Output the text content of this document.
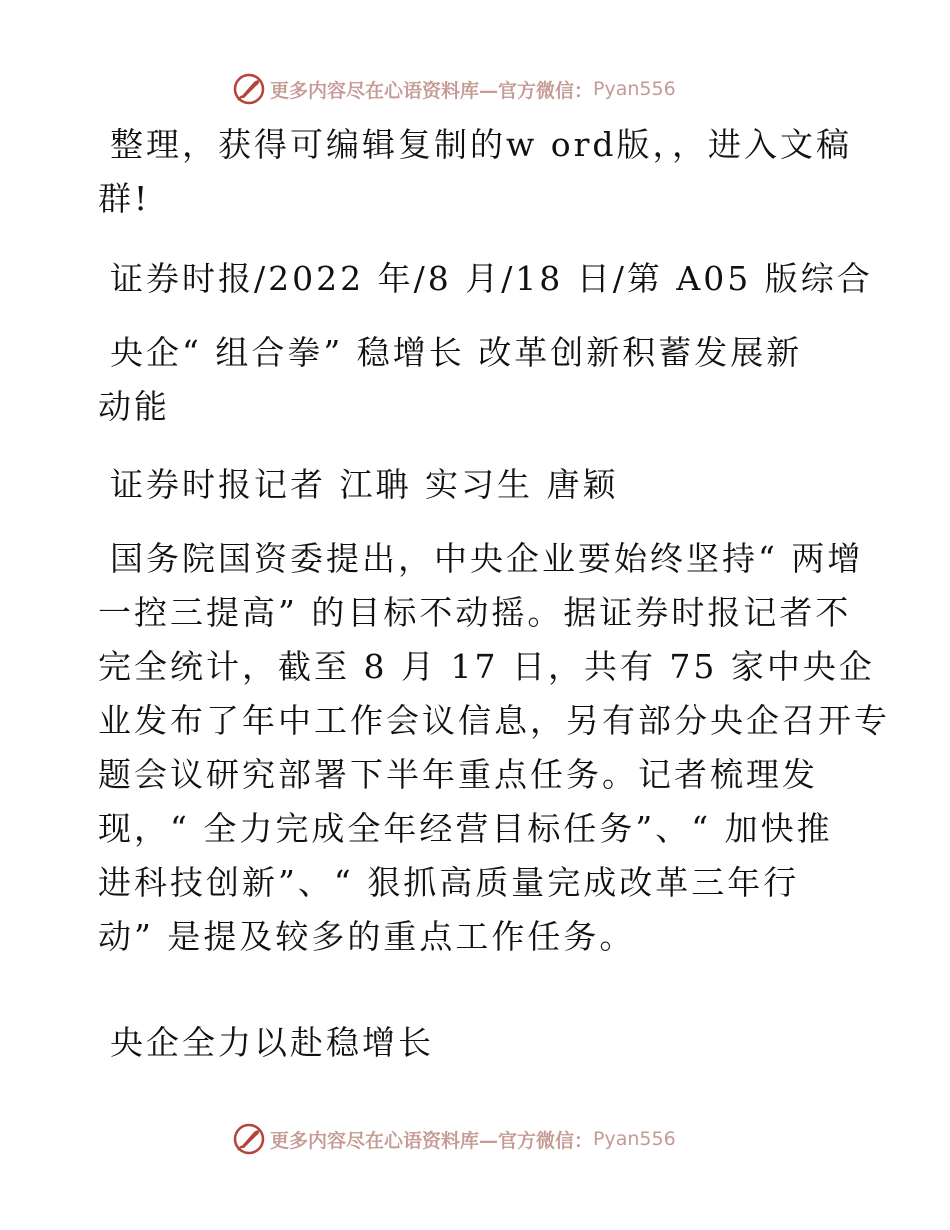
更多内容尽在心语资料库—官方微信： Pyan556
整理，获得可编辑复制的w ord版，，进入文稿
群!
证券时报/2022 年/8 月/18 日/第 A05 版综合
央企“ 组合拳” 稳增长 改革创新积蓄发展新
动能
证券时报记者 江聃 实习生 唐颖
国务院国资委提出，中央企业要始终坚持“ 两增
一控三提高” 的目标不动摇。据证券时报记者不
完全统计，截至 8 月 17 日，共有 75 家中央企
业发布了年中工作会议信息，另有部分央企召开专
题会议研究部署下半年重点任务。记者梳理发
现，“ 全力完成全年经营目标任务”、“ 加快推
进科技创新”、“ 狠抓高质量完成改革三年行
动” 是提及较多的重点工作任务。
央企全力以赴稳增长
更多内容尽在心语资料库—官方微信： Pyan556
